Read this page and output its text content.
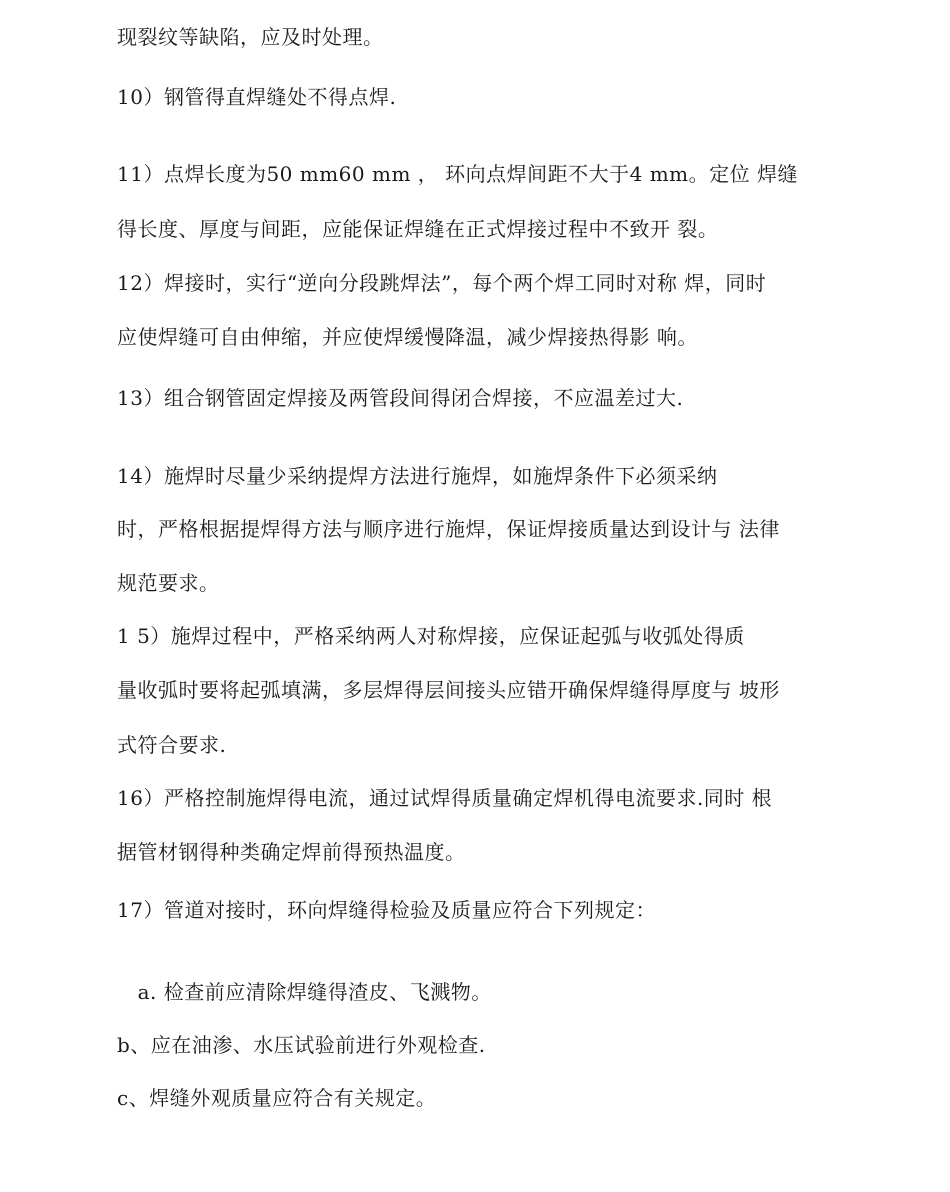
现裂纹等缺陷，应及时处理。

10）钢管得直焊缝处不得点焊.

11）点焊长度为50 mm60 mm ， 环向点焊间距不大于4 mm。定位 焊缝

得长度、厚度与间距，应能保证焊缝在正式焊接过程中不致开 裂。

12）焊接时，实行“逆向分段跳焊法”，每个两个焊工同时对称 焊，同时

应使焊缝可自由伸缩，并应使焊缓慢降温，减少焊接热得影 响。

13）组合钢管固定焊接及两管段间得闭合焊接，不应温差过大.

14）施焊时尽量少采纳提焊方法进行施焊，如施焊条件下必须采纳

时，严格根据提焊得方法与顺序进行施焊，保证焊接质量达到设计与 法律

规范要求。

1 5）施焊过程中，严格采纳两人对称焊接，应保证起弧与收弧处得质

量收弧时要将起弧填满，多层焊得层间接头应错开确保焊缝得厚度与 坡形

式符合要求.

16）严格控制施焊得电流，通过试焊得质量确定焊机得电流要求.同时 根

据管材钢得种类确定焊前得预热温度。

17）管道对接时，环向焊缝得检验及质量应符合下列规定：

a. 检查前应清除焊缝得渣皮、飞溅物。

b、应在油渗、水压试验前进行外观检查.

c、焊缝外观质量应符合有关规定。
